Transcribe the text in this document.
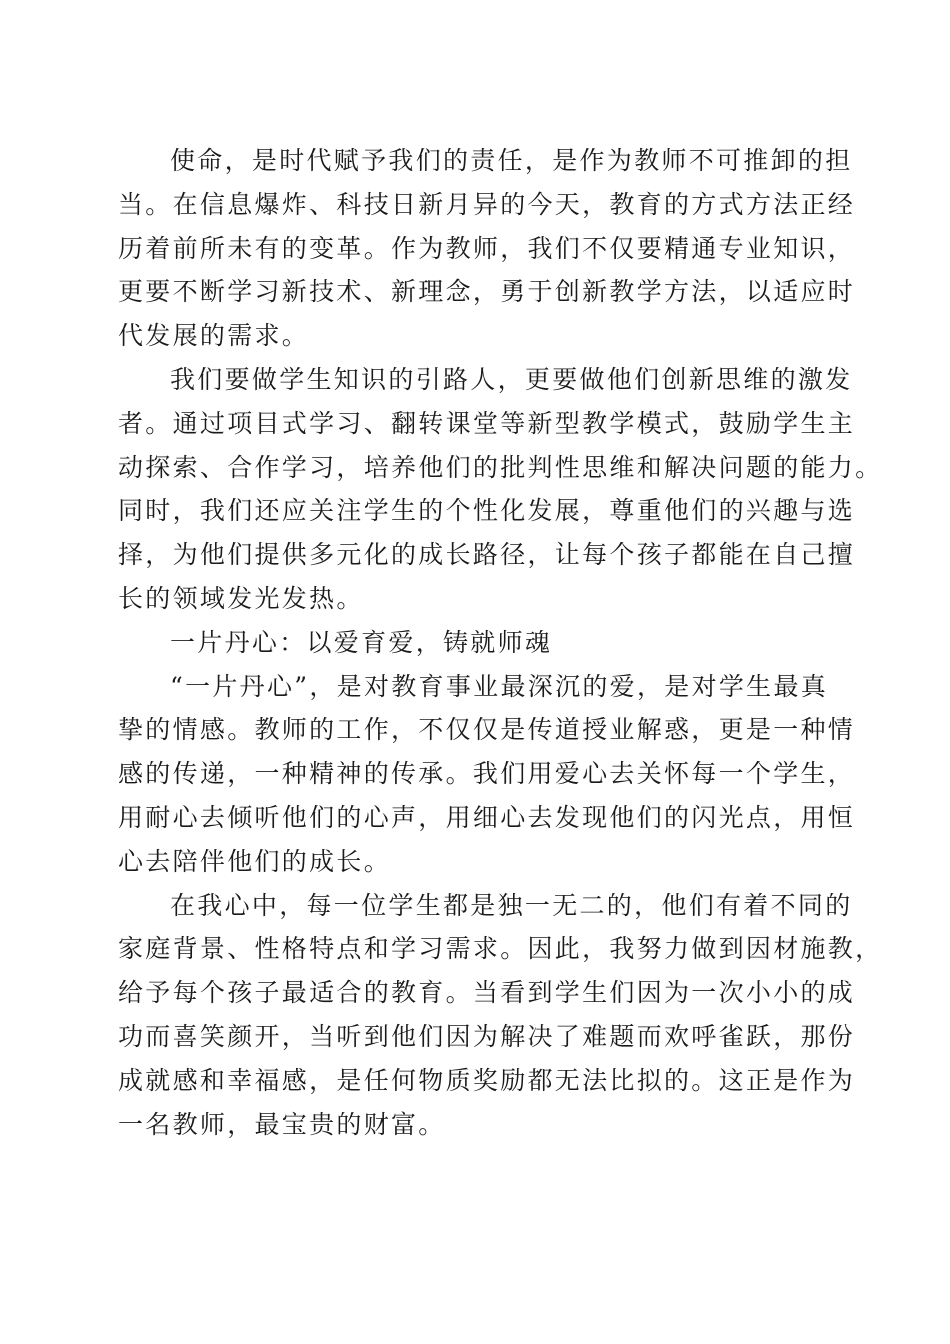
使命，是时代赋予我们的责任，是作为教师不可推卸的担
当。在信息爆炸、科技日新月异的今天，教育的方式方法正经
历着前所未有的变革。作为教师，我们不仅要精通专业知识，
更要不断学习新技术、新理念，勇于创新教学方法，以适应时
代发展的需求。

我们要做学生知识的引路人，更要做他们创新思维的激发
者。通过项目式学习、翻转课堂等新型教学模式，鼓励学生主
动探索、合作学习，培养他们的批判性思维和解决问题的能力。
同时，我们还应关注学生的个性化发展，尊重他们的兴趣与选
择，为他们提供多元化的成长路径，让每个孩子都能在自己擅
长的领域发光发热。

一片丹心：以爱育爱，铸就师魂

“一片丹心”，是对教育事业最深沉的爱，是对学生最真
挚的情感。教师的工作，不仅仅是传道授业解惑，更是一种情
感的传递，一种精神的传承。我们用爱心去关怀每一个学生，
用耐心去倾听他们的心声，用细心去发现他们的闪光点，用恒
心去陪伴他们的成长。

在我心中，每一位学生都是独一无二的，他们有着不同的
家庭背景、性格特点和学习需求。因此，我努力做到因材施教，
给予每个孩子最适合的教育。当看到学生们因为一次小小的成
功而喜笑颜开，当听到他们因为解决了难题而欢呼雀跃，那份
成就感和幸福感，是任何物质奖励都无法比拟的。这正是作为
一名教师，最宝贵的财富。
